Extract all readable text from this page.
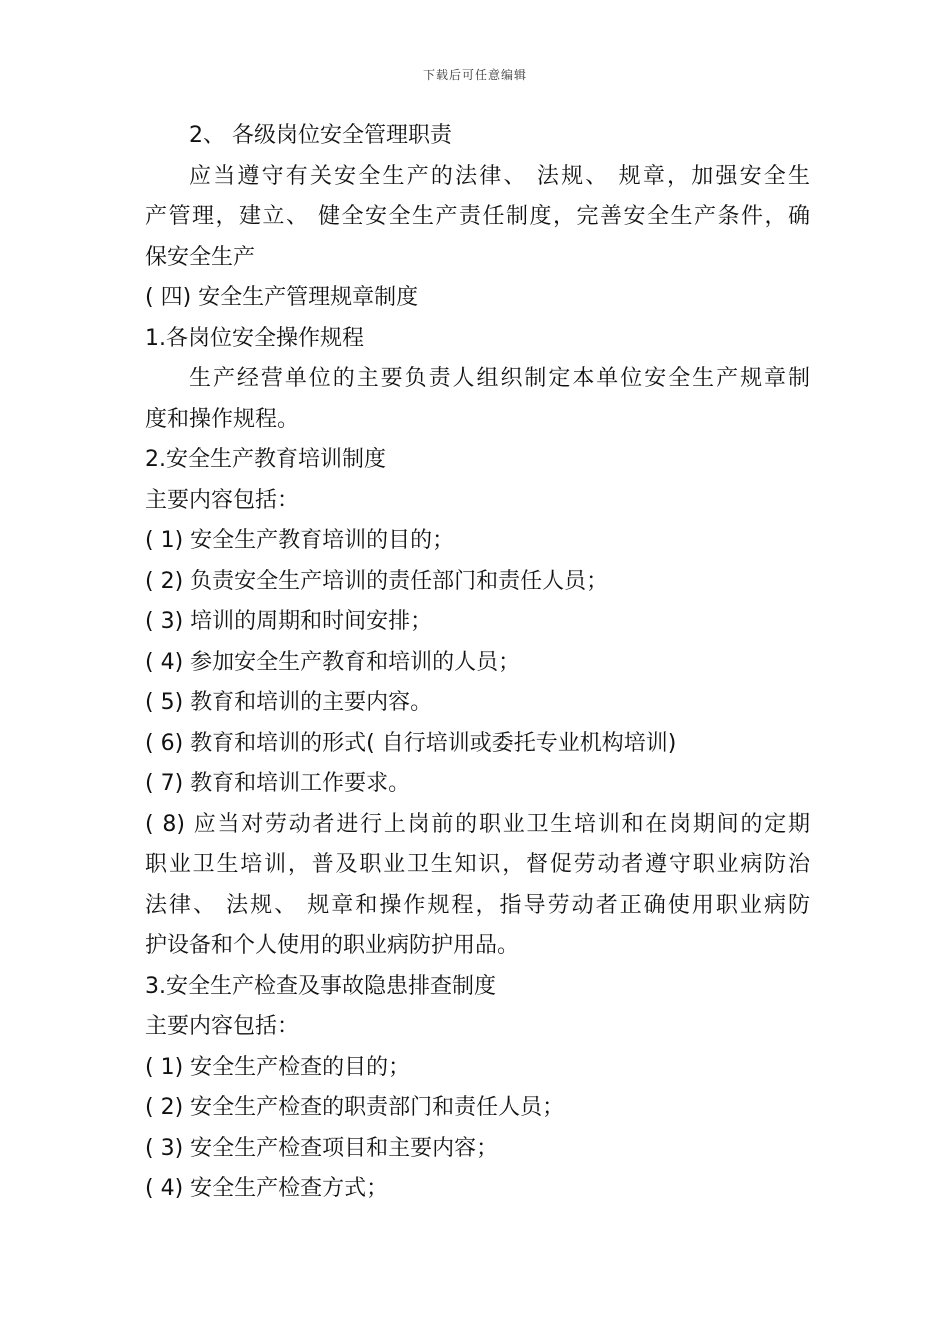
下载后可任意编辑
2、 各级岗位安全管理职责
应当遵守有关安全生产的法律、 法规、 规章，加强安全生
产管理，建立、 健全安全生产责任制度，完善安全生产条件，确
保安全生产
( 四) 安全生产管理规章制度
1.各岗位安全操作规程
生产经营单位的主要负责人组织制定本单位安全生产规章制
度和操作规程。
2.安全生产教育培训制度
主要内容包括：
( 1) 安全生产教育培训的目的；
( 2) 负责安全生产培训的责任部门和责任人员；
( 3) 培训的周期和时间安排；
( 4) 参加安全生产教育和培训的人员；
( 5) 教育和培训的主要内容。
( 6) 教育和培训的形式( 自行培训或委托专业机构培训)
( 7) 教育和培训工作要求。
( 8) 应当对劳动者进行上岗前的职业卫生培训和在岗期间的定期
职业卫生培训，普及职业卫生知识，督促劳动者遵守职业病防治
法律、 法规、 规章和操作规程，指导劳动者正确使用职业病防
护设备和个人使用的职业病防护用品。
3.安全生产检查及事故隐患排查制度
主要内容包括：
( 1) 安全生产检查的目的；
( 2) 安全生产检查的职责部门和责任人员；
( 3) 安全生产检查项目和主要内容；
( 4) 安全生产检查方式；
